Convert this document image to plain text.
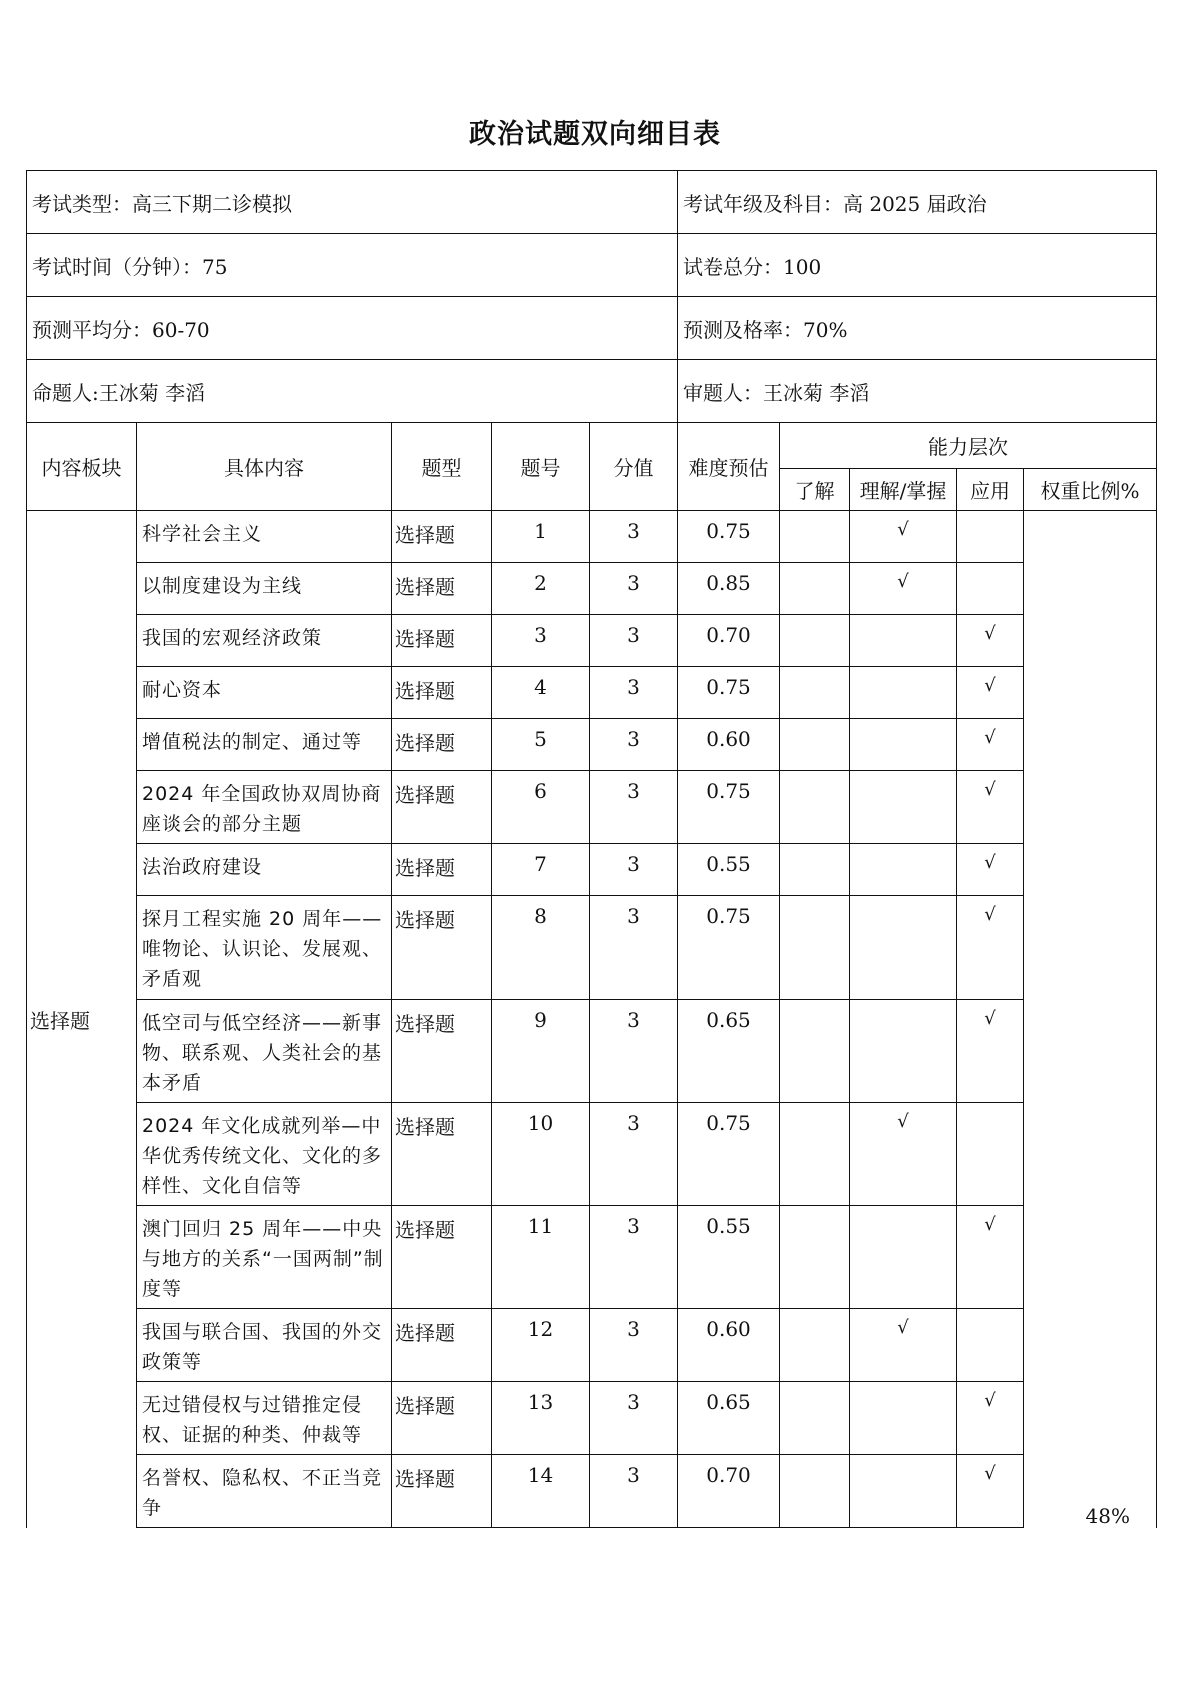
政治试题双向细目表
考试类型：高三下期二诊模拟					考试年级及科目：高 2025 届政治				
考试时间（分钟）：75					试卷总分：100				
预测平均分：60-70					预测及格率：70%				
命题人:王冰菊 李滔					审题人：王冰菊 李滔				
内容板块	具体内容	题型	题号	分值	难度预估	能力层次			
						了解	理解/掌握	应用	权重比例%
选择题	科学社会主义	选择题	1	3	0.75		√		48%
	以制度建设为主线	选择题	2	3	0.85		√		
	我国的宏观经济政策	选择题	3	3	0.70			√	
	耐心资本	选择题	4	3	0.75			√	
	增值税法的制定、通过等	选择题	5	3	0.60			√	
	2024 年全国政协双周协商座谈会的部分主题	选择题	6	3	0.75			√	
	法治政府建设	选择题	7	3	0.55			√	
	探月工程实施 20 周年——唯物论、认识论、发展观、矛盾观	选择题	8	3	0.75			√	
	低空司与低空经济——新事物、联系观、人类社会的基本矛盾	选择题	9	3	0.65			√	
	2024 年文化成就列举—中华优秀传统文化、文化的多样性、文化自信等	选择题	10	3	0.75		√		
	澳门回归 25 周年——中央与地方的关系“一国两制”制度等	选择题	11	3	0.55			√	
	我国与联合国、我国的外交政策等	选择题	12	3	0.60		√		
	无过错侵权与过错推定侵权、证据的种类、仲裁等	选择题	13	3	0.65			√	
	名誉权、隐私权、不正当竞争	选择题	14	3	0.70			√	
